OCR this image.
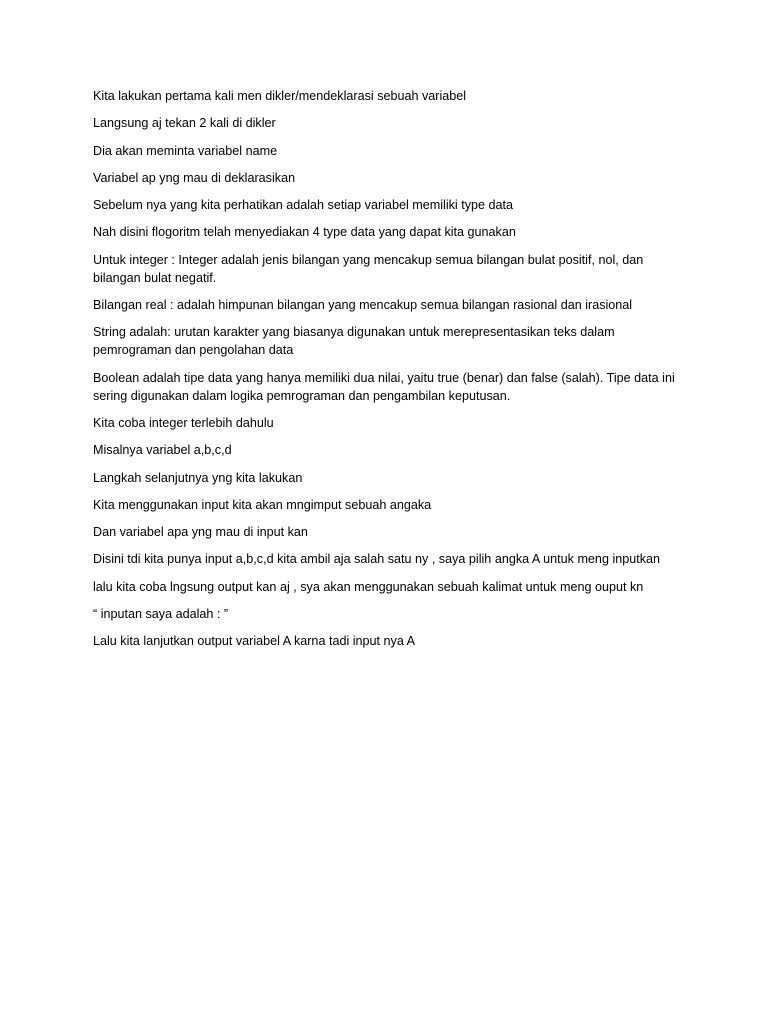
Kita lakukan pertama kali men dikler/mendeklarasi sebuah variabel

Langsung aj tekan 2 kali di dikler

Dia akan meminta variabel name

Variabel ap yng mau di deklarasikan

Sebelum nya yang kita perhatikan adalah setiap variabel memiliki type data

Nah disini flogoritm telah menyediakan 4 type data yang dapat kita gunakan

Untuk integer : Integer adalah jenis bilangan yang mencakup semua bilangan bulat positif, nol, dan bilangan bulat negatif.

Bilangan real : adalah himpunan bilangan yang mencakup semua bilangan rasional dan irasional

String adalah: urutan karakter yang biasanya digunakan untuk merepresentasikan teks dalam pemrograman dan pengolahan data

Boolean adalah tipe data yang hanya memiliki dua nilai, yaitu true (benar) dan false (salah). Tipe data ini sering digunakan dalam logika pemrograman dan pengambilan keputusan.

Kita coba integer terlebih dahulu

Misalnya variabel a,b,c,d

Langkah selanjutnya yng kita lakukan

Kita menggunakan input kita akan mngimput sebuah angaka

Dan variabel apa yng mau di input kan

Disini tdi kita punya input a,b,c,d kita ambil aja salah satu ny , saya pilih angka A untuk meng inputkan

lalu kita coba lngsung output kan aj , sya akan menggunakan sebuah kalimat untuk meng ouput kn

“ inputan saya adalah : ”

Lalu kita lanjutkan output variabel A karna tadi input nya A
